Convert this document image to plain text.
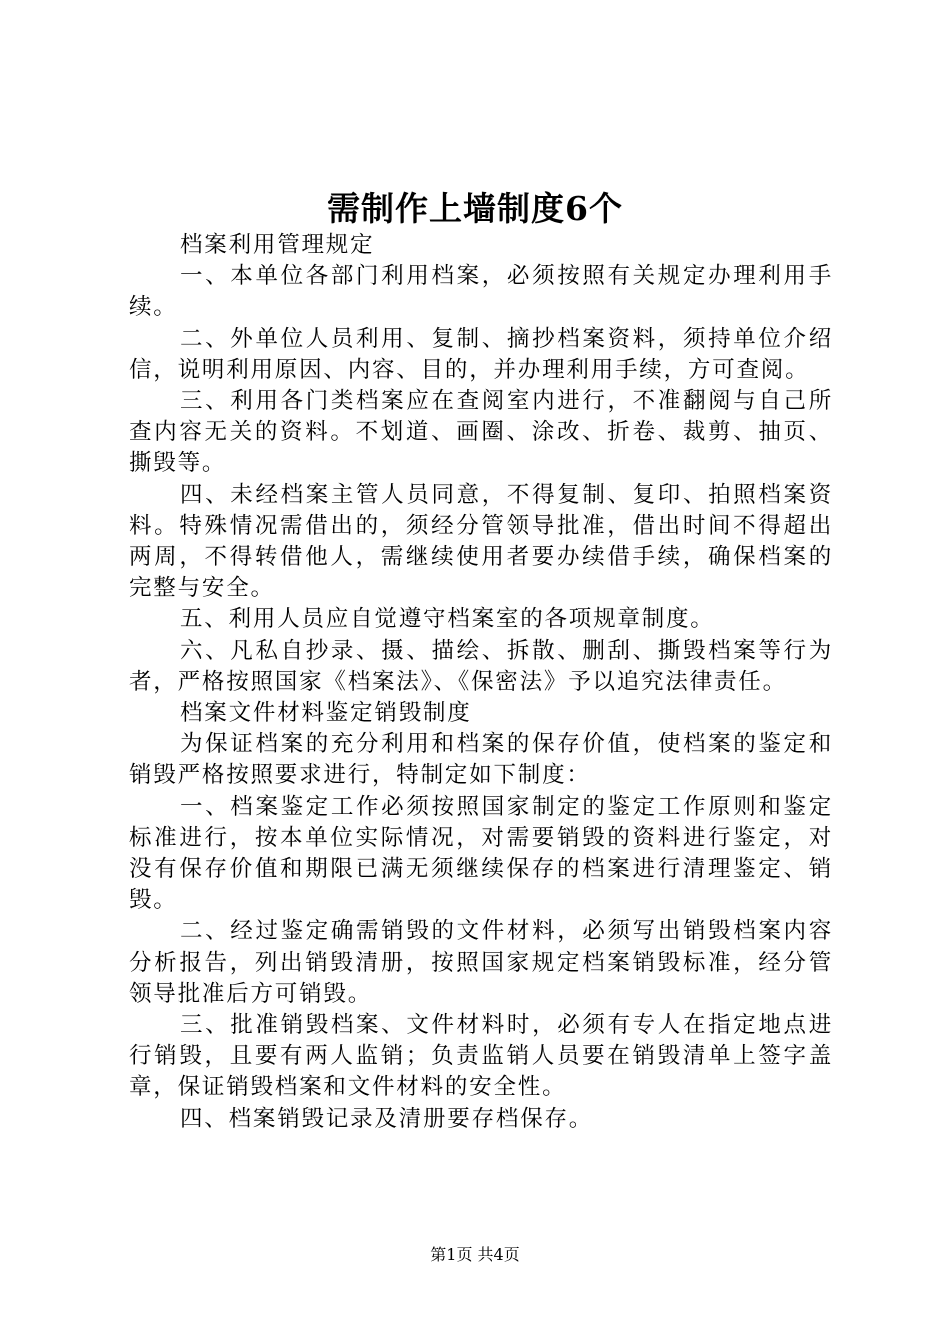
需制作上墙制度6个

档案利用管理规定

一、本单位各部门利用档案，必须按照有关规定办理利用手续。

二、外单位人员利用、复制、摘抄档案资料，须持单位介绍信，说明利用原因、内容、目的，并办理利用手续，方可查阅。

三、利用各门类档案应在查阅室内进行，不准翻阅与自己所查内容无关的资料。不划道、画圈、涂改、折卷、裁剪、抽页、撕毁等。

四、未经档案主管人员同意，不得复制、复印、拍照档案资料。特殊情况需借出的，须经分管领导批准，借出时间不得超出两周，不得转借他人，需继续使用者要办续借手续，确保档案的完整与安全。

五、利用人员应自觉遵守档案室的各项规章制度。

六、凡私自抄录、摄、描绘、拆散、删刮、撕毁档案等行为者，严格按照国家《档案法》、《保密法》予以追究法律责任。

档案文件材料鉴定销毁制度

为保证档案的充分利用和档案的保存价值，使档案的鉴定和销毁严格按照要求进行，特制定如下制度：

一、档案鉴定工作必须按照国家制定的鉴定工作原则和鉴定标准进行，按本单位实际情况，对需要销毁的资料进行鉴定，对没有保存价值和期限已满无须继续保存的档案进行清理鉴定、销毁。

二、经过鉴定确需销毁的文件材料，必须写出销毁档案内容分析报告，列出销毁清册，按照国家规定档案销毁标准，经分管领导批准后方可销毁。

三、批准销毁档案、文件材料时，必须有专人在指定地点进行销毁，且要有两人监销；负责监销人员要在销毁清单上签字盖章，保证销毁档案和文件材料的安全性。

四、档案销毁记录及清册要存档保存。

第1页 共4页
